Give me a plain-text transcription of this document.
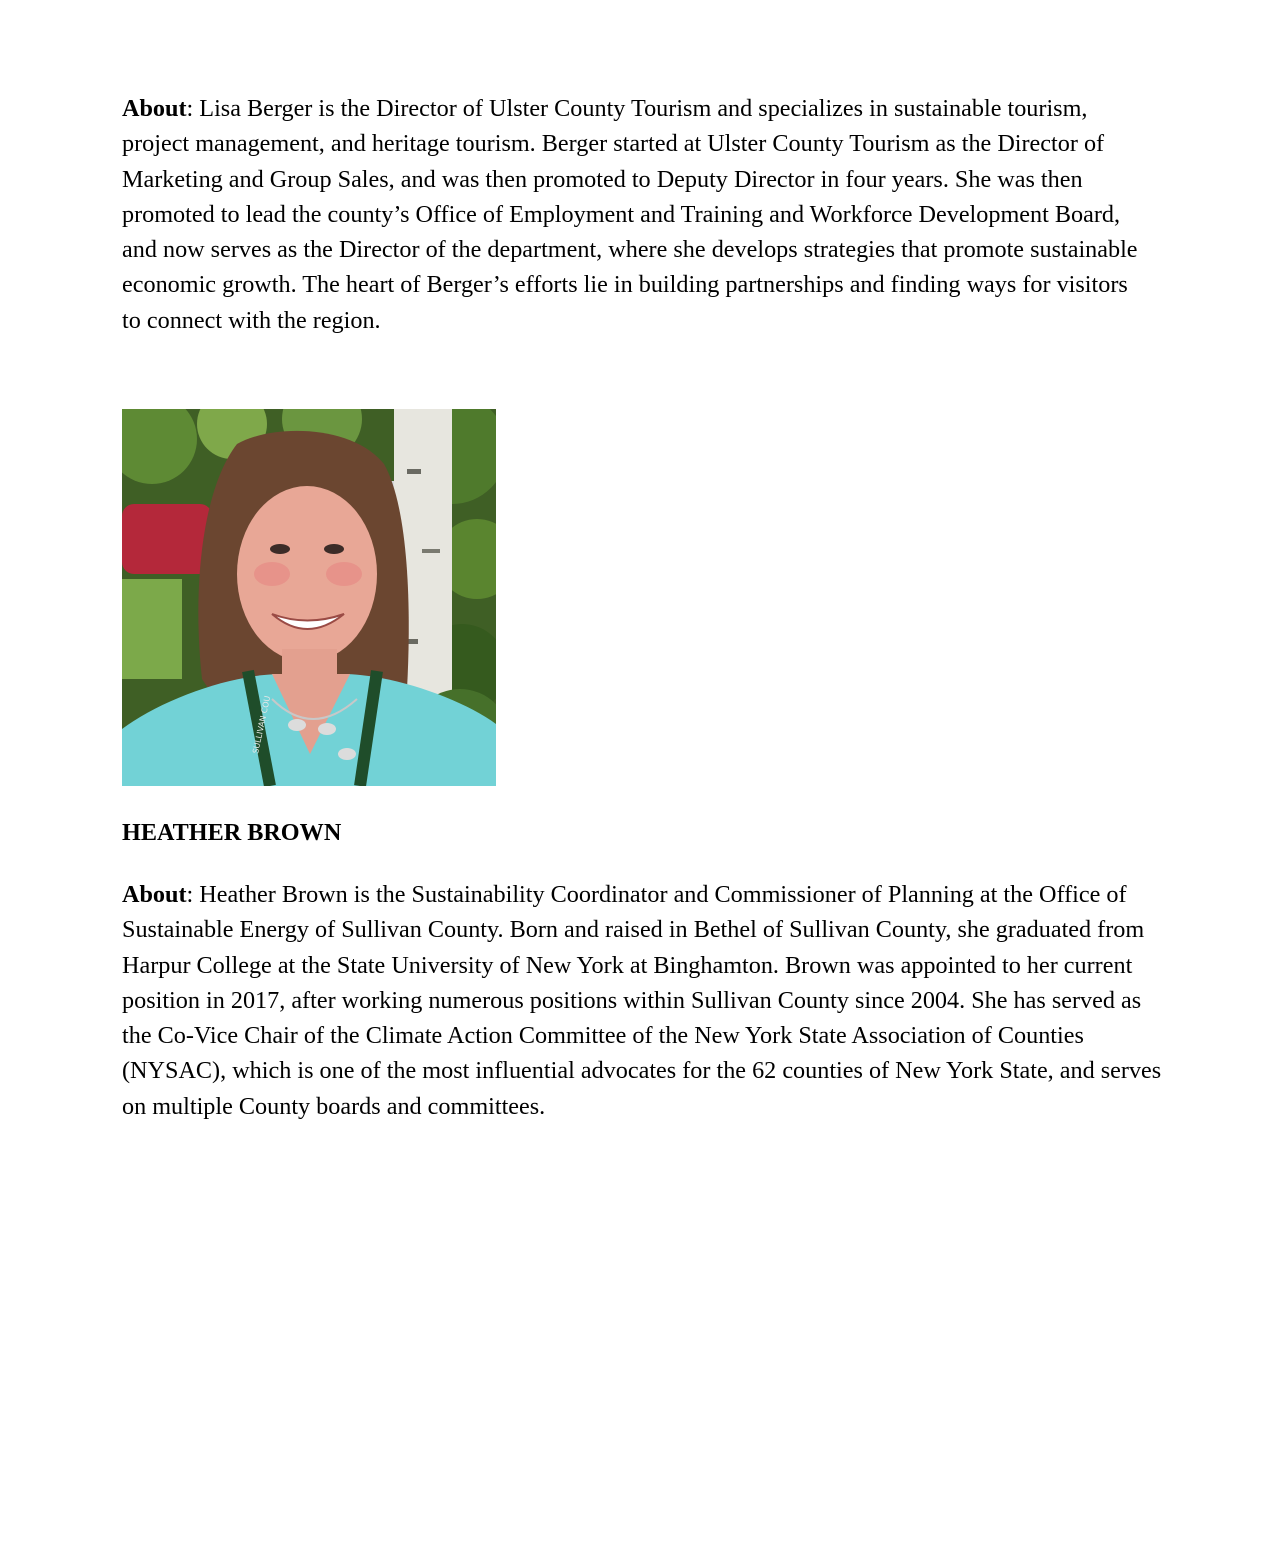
About: Lisa Berger is the Director of Ulster County Tourism and specializes in sustainable tourism, project management, and heritage tourism. Berger started at Ulster County Tourism as the Director of Marketing and Group Sales, and was then promoted to Deputy Director in four years. She was then promoted to lead the county’s Office of Employment and Training and Workforce Development Board, and now serves as the Director of the department, where she develops strategies that promote sustainable economic growth. The heart of Berger’s efforts lie in building partnerships and finding ways for visitors to connect with the region.

SULLIVAN COU
HEATHER BROWN

About: Heather Brown is the Sustainability Coordinator and Commissioner of Planning at the Office of Sustainable Energy of Sullivan County. Born and raised in Bethel of Sullivan County, she graduated from Harpur College at the State University of New York at Binghamton. Brown was appointed to her current position in 2017, after working numerous positions within Sullivan County since 2004. She has served as the Co-Vice Chair of the Climate Action Committee of the New York State Association of Counties (NYSAC), which is one of the most influential advocates for the 62 counties of New York State, and serves on multiple County boards and committees.
